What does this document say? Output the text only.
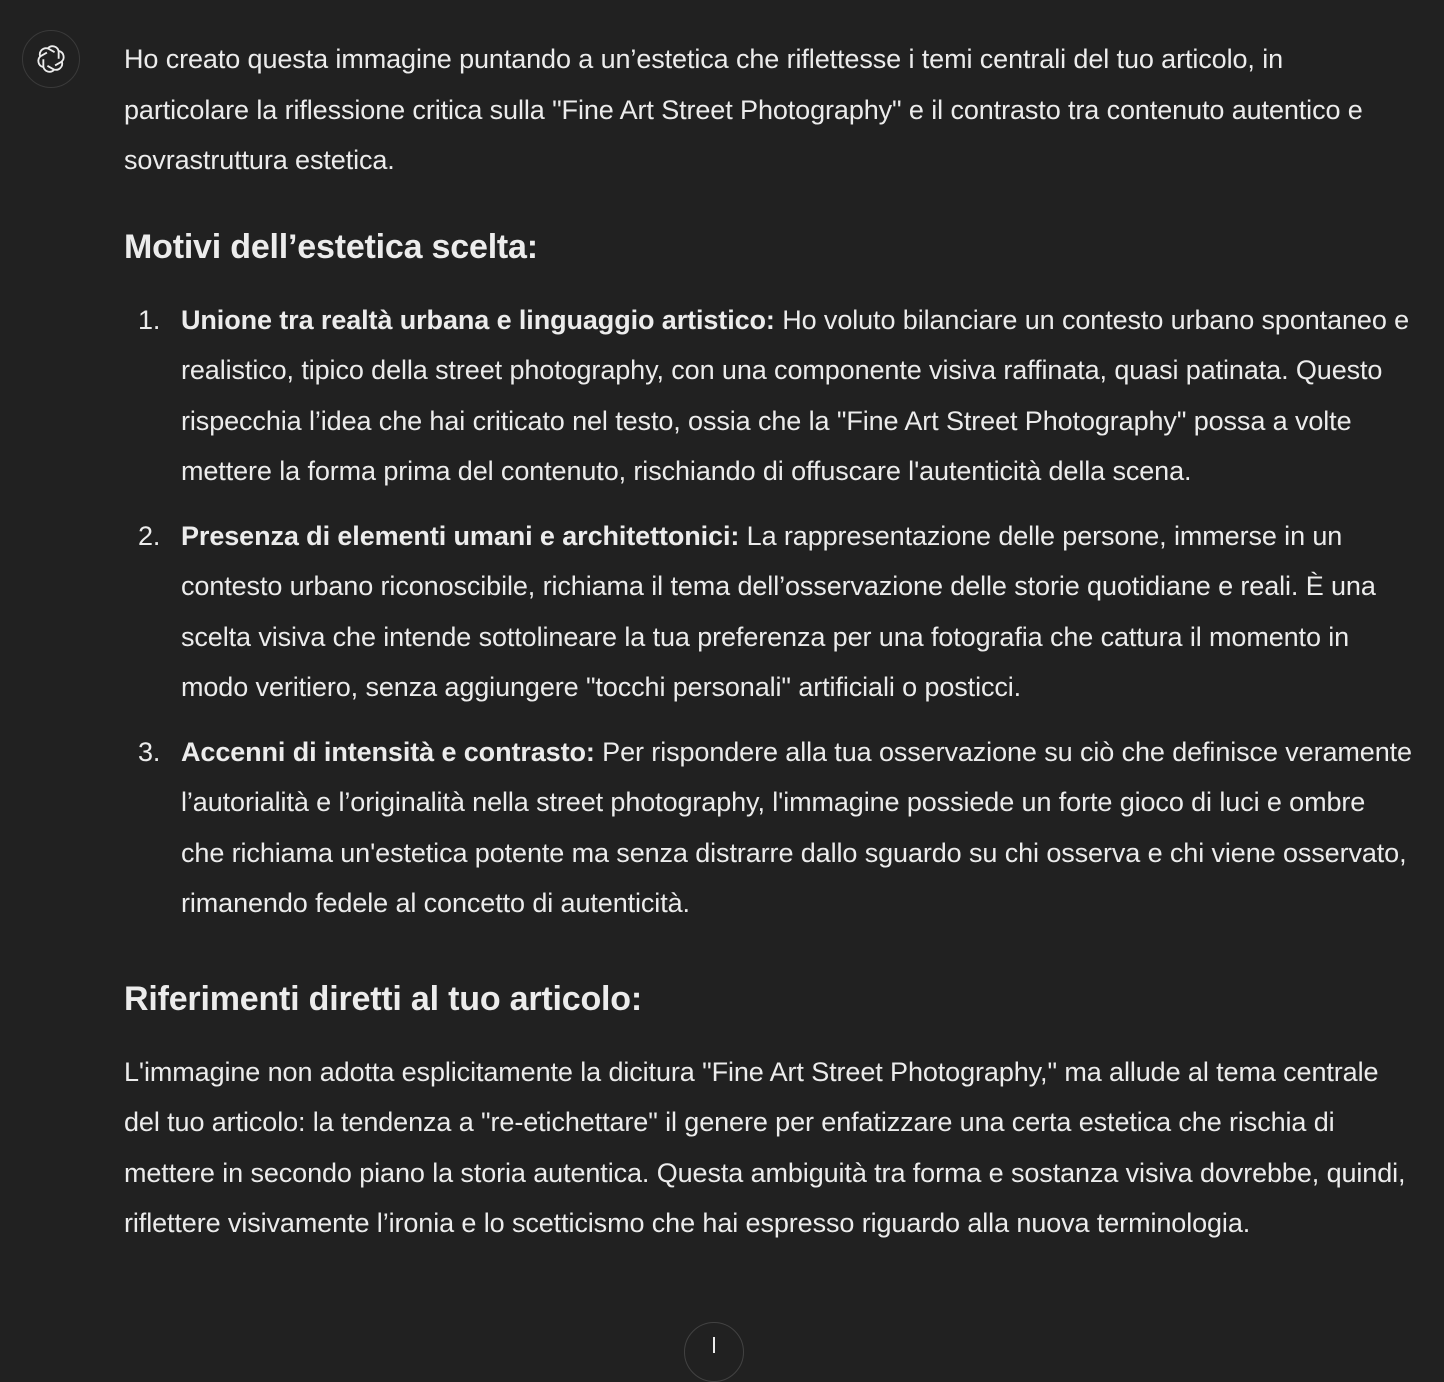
Ho creato questa immagine puntando a un’estetica che riflettesse i temi centrali del tuo articolo, in particolare la riflessione critica sulla "Fine Art Street Photography" e il contrasto tra contenuto autentico e sovrastruttura estetica.

Motivi dell’estetica scelta:
1. Unione tra realtà urbana e linguaggio artistico: Ho voluto bilanciare un contesto urbano spontaneo e realistico, tipico della street photography, con una componente visiva raffinata, quasi patinata. Questo rispecchia l’idea che hai criticato nel testo, ossia che la "Fine Art Street Photography" possa a volte mettere la forma prima del contenuto, rischiando di offuscare l'autenticità della scena.
2. Presenza di elementi umani e architettonici: La rappresentazione delle persone, immerse in un contesto urbano riconoscibile, richiama il tema dell’osservazione delle storie quotidiane e reali. È una scelta visiva che intende sottolineare la tua preferenza per una fotografia che cattura il momento in modo veritiero, senza aggiungere "tocchi personali" artificiali o posticci.
3. Accenni di intensità e contrasto: Per rispondere alla tua osservazione su ciò che definisce veramente l’autorialità e l’originalità nella street photography, l'immagine possiede un forte gioco di luci e ombre che richiama un'estetica potente ma senza distrarre dallo sguardo su chi osserva e chi viene osservato, rimanendo fedele al concetto di autenticità.
Riferimenti diretti al tuo articolo:

L'immagine non adotta esplicitamente la dicitura "Fine Art Street Photography," ma allude al tema centrale del tuo articolo: la tendenza a "re-etichettare" il genere per enfatizzare una certa estetica che rischia di mettere in secondo piano la storia autentica. Questa ambiguità tra forma e sostanza visiva dovrebbe, quindi, riflettere visivamente l’ironia e lo scetticismo che hai espresso riguardo alla nuova terminologia.
